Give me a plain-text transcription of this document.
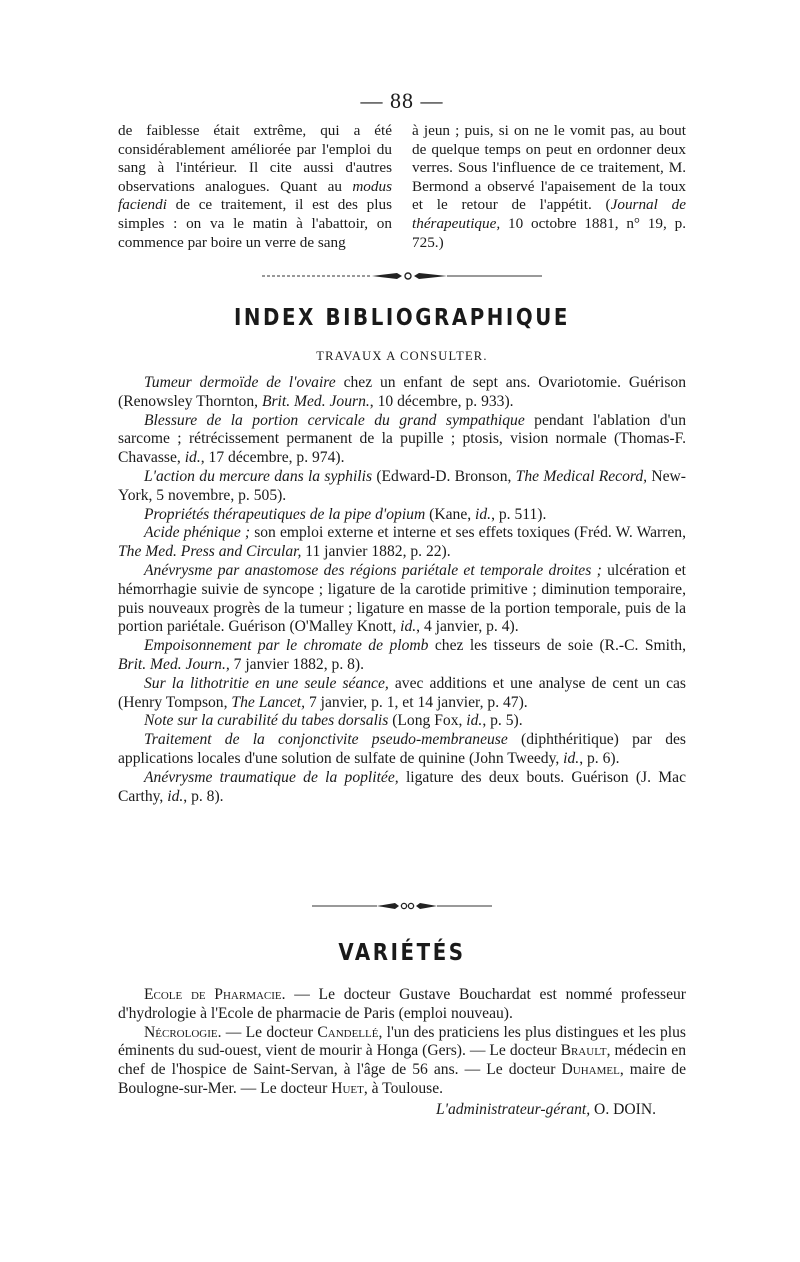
— 88 —

de faiblesse était extrême, qui a été considérablement améliorée par l'emploi du sang à l'intérieur. Il cite aussi d'autres observations analogues. Quant au modus faciendi de ce traitement, il est des plus simples : on va le matin à l'abattoir, on commence par boire un verre de sang

à jeun ; puis, si on ne le vomit pas, au bout de quelque temps on peut en ordonner deux verres. Sous l'influence de ce traitement, M. Bermond a observé l'apaisement de la toux et le retour de l'appétit. (Journal de thérapeutique, 10 octobre 1881, n° 19, p. 725.)

INDEX BIBLIOGRAPHIQUE
TRAVAUX A CONSULTER.

Tumeur dermoïde de l'ovaire chez un enfant de sept ans. Ovariotomie. Guérison (Renowsley Thornton, Brit. Med. Journ., 10 décembre, p. 933).

Blessure de la portion cervicale du grand sympathique pendant l'ablation d'un sarcome ; rétrécissement permanent de la pupille ; ptosis, vision normale (Thomas-F. Chavasse, id., 17 décembre, p. 974).

L'action du mercure dans la syphilis (Edward-D. Bronson, The Medical Record, New-York, 5 novembre, p. 505).

Propriétés thérapeutiques de la pipe d'opium (Kane, id., p. 511).

Acide phénique ; son emploi externe et interne et ses effets toxiques (Fréd. W. Warren, The Med. Press and Circular, 11 janvier 1882, p. 22).

Anévrysme par anastomose des régions pariétale et temporale droites ; ulcération et hémorrhagie suivie de syncope ; ligature de la carotide primitive ; diminution temporaire, puis nouveaux progrès de la tumeur ; ligature en masse de la portion temporale, puis de la portion pariétale. Guérison (O'Malley Knott, id., 4 janvier, p. 4).

Empoisonnement par le chromate de plomb chez les tisseurs de soie (R.-C. Smith, Brit. Med. Journ., 7 janvier 1882, p. 8).

Sur la lithotritie en une seule séance, avec additions et une analyse de cent un cas (Henry Tompson, The Lancet, 7 janvier, p. 1, et 14 janvier, p. 47).

Note sur la curabilité du tabes dorsalis (Long Fox, id., p. 5).

Traitement de la conjonctivite pseudo-membraneuse (diphthéritique) par des applications locales d'une solution de sulfate de quinine (John Tweedy, id., p. 6).

Anévrysme traumatique de la poplitée, ligature des deux bouts. Guérison (J. Mac Carthy, id., p. 8).

VARIÉTÉS

Ecole de Pharmacie. — Le docteur Gustave Bouchardat est nommé professeur d'hydrologie à l'Ecole de pharmacie de Paris (emploi nouveau).

Nécrologie. — Le docteur Candellé, l'un des praticiens les plus distingues et les plus éminents du sud-ouest, vient de mourir à Honga (Gers). — Le docteur Brault, médecin en chef de l'hospice de Saint-Servan, à l'âge de 56 ans. — Le docteur Duhamel, maire de Boulogne-sur-Mer. — Le docteur Huet, à Toulouse.

L'administrateur-gérant, O. DOIN.
